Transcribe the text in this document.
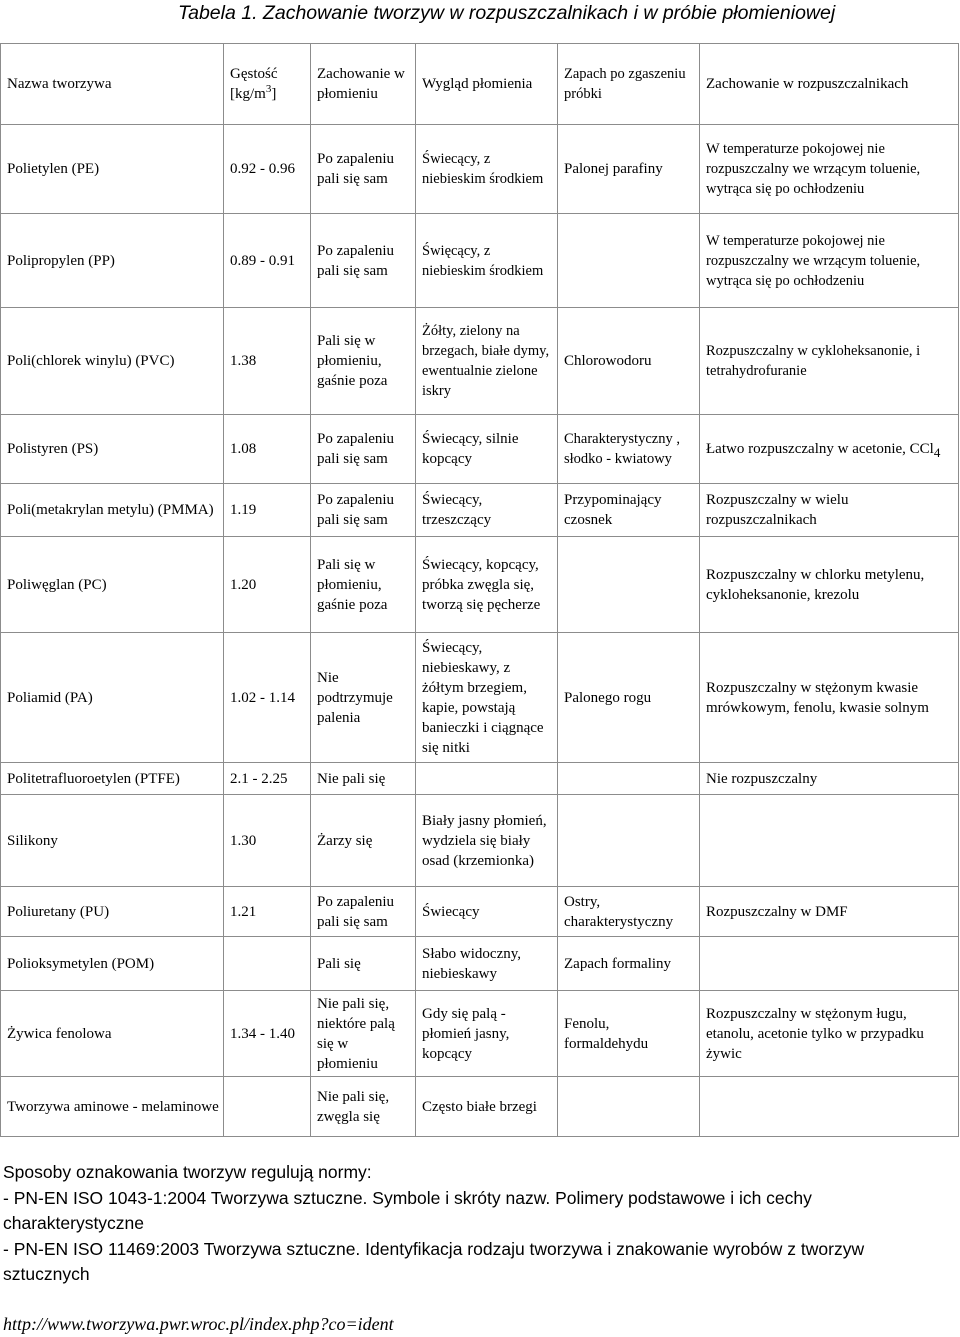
Tabela 1. Zachowanie tworzyw w rozpuszczalnikach i w próbie płomieniowej
Nazwa tworzywa	Gęstość $[kg/m^3]$	Zachowanie w płomieniu	Wygląd płomienia	Zapach po zgaszeniu próbki	Zachowanie w rozpuszczalnikach
Polietylen (PE)	0.92 - 0.96	Po zapaleniu pali się sam	Świecący, z niebieskim środkiem	Palonej parafiny	W temperaturze pokojowej nie rozpuszczalny we wrzącym toluenie, wytrąca się po ochłodzeniu
Polipropylen (PP)	0.89 - 0.91	Po zapaleniu pali się sam	Święcący, z niebieskim środkiem		W temperaturze pokojowej nie rozpuszczalny we wrzącym toluenie, wytrąca się po ochłodzeniu
Poli(chlorek winylu) (PVC)	1.38	Pali się w płomieniu, gaśnie poza	Żółty, zielony na brzegach, białe dymy, ewentualnie zielone iskry	Chlorowodoru	Rozpuszczalny w cykloheksanonie, i tetrahydrofuranie
Polistyren (PS)	1.08	Po zapaleniu pali się sam	Świecący, silnie kopcący	Charakterystyczny , słodko - kwiatowy	Łatwo rozpuszczalny w acetonie, CCl4
Poli(metakrylan metylu) (PMMA)	1.19	Po zapaleniu pali się sam	Świecący, trzeszczący	Przypominający czosnek	Rozpuszczalny w wielu rozpuszczalnikach
Poliwęglan (PC)	1.20	Pali się w płomieniu, gaśnie poza	Świecący, kopcący, próbka zwęgla się, tworzą się pęcherze		Rozpuszczalny w chlorku metylenu, cykloheksanonie, krezolu
Poliamid (PA)	1.02 - 1.14	Nie podtrzymuje palenia	Świecący, niebieskawy, z żółtym brzegiem, kapie, powstają banieczki i ciągnące się nitki	Palonego rogu	Rozpuszczalny w stężonym kwasie mrówkowym, fenolu, kwasie solnym
Politetrafluoroetylen (PTFE)	2.1 - 2.25	Nie pali się			Nie rozpuszczalny
Silikony	1.30	Żarzy się	Biały jasny płomień, wydziela się biały osad (krzemionka)		
Poliuretany (PU)	1.21	Po zapaleniu pali się sam	Świecący	Ostry, charakterystyczny	Rozpuszczalny w DMF
Polioksymetylen (POM)		Pali się	Słabo widoczny, niebieskawy	Zapach formaliny	
Żywica fenolowa	1.34 - 1.40	Nie pali się, niektóre palą się w płomieniu	Gdy się palą - płomień jasny, kopcący	Fenolu, formaldehydu	Rozpuszczalny w stężonym ługu, etanolu, acetonie tylko w przypadku żywic
Tworzywa aminowe - melaminowe		Nie pali się, zwęgla się	Często białe brzegi		
Sposoby oznakowania tworzyw regulują normy:
- PN-EN ISO 1043-1:2004 Tworzywa sztuczne. Symbole i skróty nazw. Polimery podstawowe i ich cechy charakterystyczne
- PN-EN ISO 11469:2003 Tworzywa sztuczne. Identyfikacja rodzaju tworzywa i znakowanie wyrobów z tworzyw sztucznych
http://www.tworzywa.pwr.wroc.pl/index.php?co=ident
